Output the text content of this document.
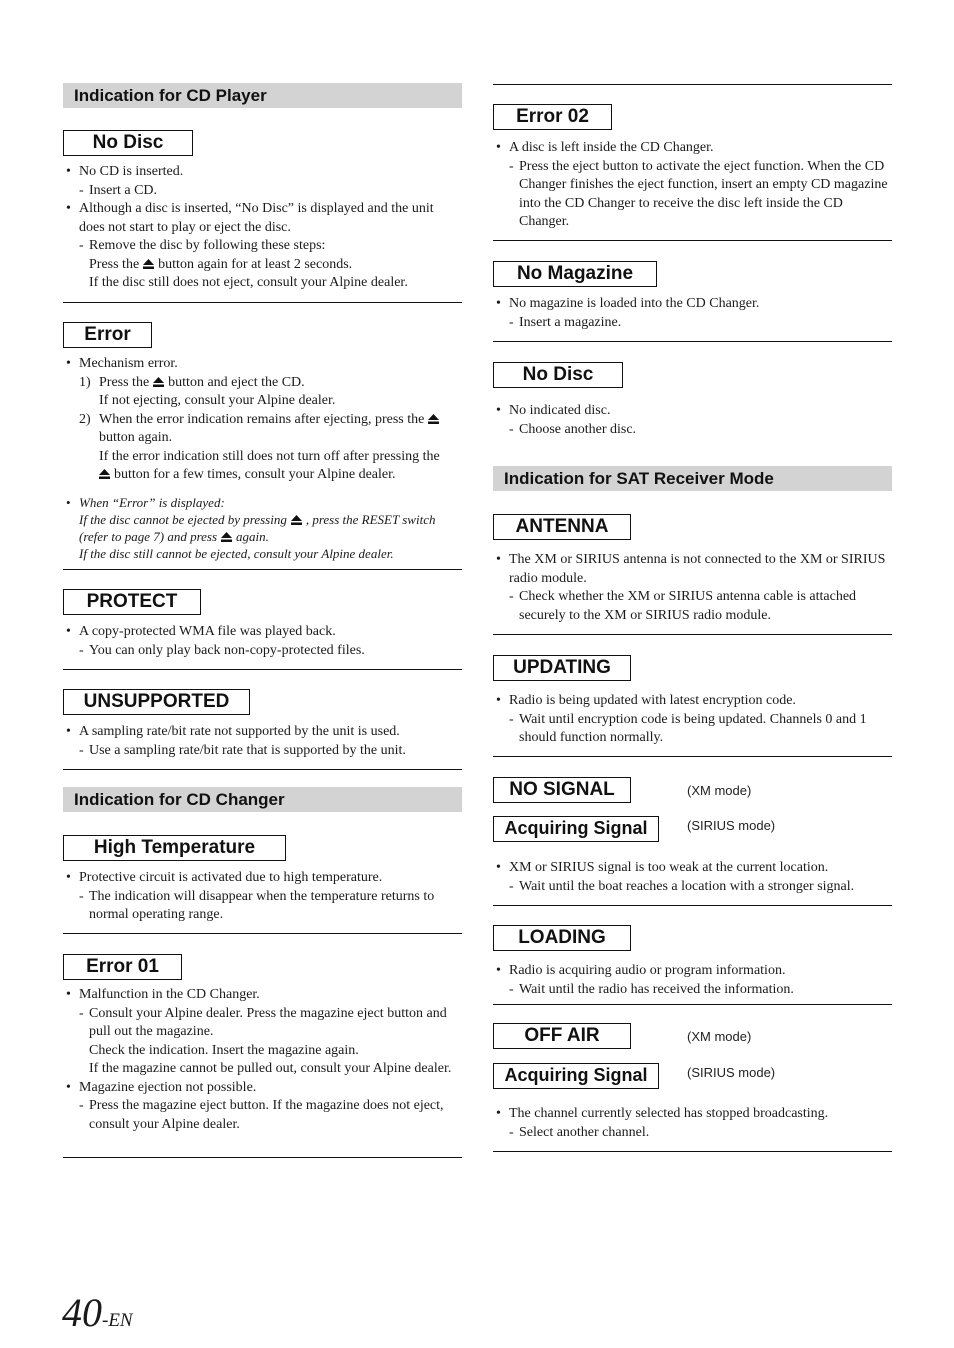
Indication for CD Player
No Disc
• No CD is inserted.
- Insert a CD.
• Although a disc is inserted, “No Disc” is displayed and the unit does not start to play or eject the disc.
- Remove the disc by following these steps:
Press the button again for at least 2 seconds.
If the disc still does not eject, consult your Alpine dealer.
Error
• Mechanism error.
1) Press the button and eject the CD.
If not ejecting, consult your Alpine dealer.
2) When the error indication remains after ejecting, press the
button again.
If the error indication still does not turn off after pressing the
button for a few times, consult your Alpine dealer.
• When “Error” is displayed:
If the disc cannot be ejected by pressing , press the RESET switch (refer to page 7) and press again.
If the disc still cannot be ejected, consult your Alpine dealer.
PROTECT
• A copy-protected WMA file was played back.
- You can only play back non-copy-protected files.
UNSUPPORTED
• A sampling rate/bit rate not supported by the unit is used.
- Use a sampling rate/bit rate that is supported by the unit.
Indication for CD Changer
High Temperature
• Protective circuit is activated due to high temperature.
- The indication will disappear when the temperature returns to normal operating range.
Error 01
• Malfunction in the CD Changer.
- Consult your Alpine dealer. Press the magazine eject button and pull out the magazine.
Check the indication. Insert the magazine again.
If the magazine cannot be pulled out, consult your Alpine dealer.
• Magazine ejection not possible.
- Press the magazine eject button. If the magazine does not eject, consult your Alpine dealer.
Error 02
• A disc is left inside the CD Changer.
- Press the eject button to activate the eject function. When the CD Changer finishes the eject function, insert an empty CD magazine into the CD Changer to receive the disc left inside the CD Changer.
No Magazine
• No magazine is loaded into the CD Changer.
- Insert a magazine.
No Disc
• No indicated disc.
- Choose another disc.
Indication for SAT Receiver Mode
ANTENNA
• The XM or SIRIUS antenna is not connected to the XM or SIRIUS radio module.
- Check whether the XM or SIRIUS antenna cable is attached securely to the XM or SIRIUS radio module.
UPDATING
• Radio is being updated with latest encryption code.
- Wait until encryption code is being updated. Channels 0 and 1 should function normally.
NO SIGNAL	(XM mode)
Acquiring Signal	(SIRIUS mode)
• XM or SIRIUS signal is too weak at the current location.
- Wait until the boat reaches a location with a stronger signal.
LOADING
• Radio is acquiring audio or program information.
- Wait until the radio has received the information.
OFF AIR	(XM mode)
Acquiring Signal	(SIRIUS mode)
• The channel currently selected has stopped broadcasting.
- Select another channel.
40-EN
